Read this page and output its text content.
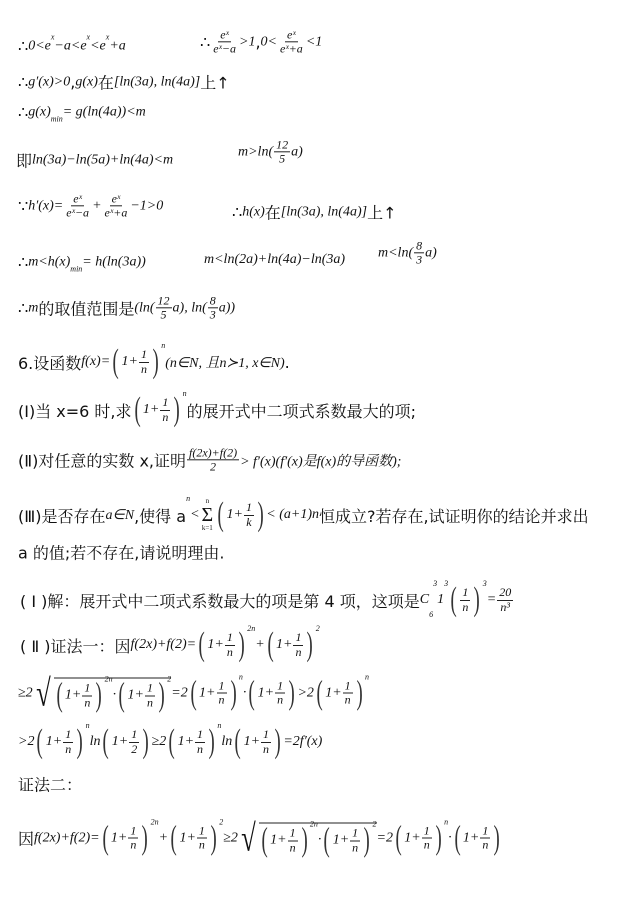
∴ 0<e
x
−a<e
x
<e
x
+a	∴ $\frac{\text{eˣ}}{\text{eˣ−a}} >1$ , $0< \frac{\text{eˣ}}{\text{eˣ+a}} <1$
∴ g′(x)>0 , g(x) 在 [ln(3a), ln(4a)] 上↑
∴ g(x) min = g(ln(4a))<m
即 ln(3a)−ln(5a)+ln(4a)<m
$m>\ln( \frac{12}{5} a)$
∵ $h'(x)= \frac{\text{eˣ}}{\text{eˣ−a}} + \frac{\text{eˣ}}{\text{eˣ+a}} -1>0$	∴ h(x) 在 [ln(3a), ln(4a)] 上↑
∴ m<h(x) min = h(ln(3a))	m<ln(2a)+ln(4a)−ln(3a) $m<\ln( \frac{8}{3} a)$
∴ m 的取值范围是 ($\ln( \frac{12}{5} a)$, $\ln( \frac{8}{3} a)$)
6.设函数 f(x)= ( $1+ \frac{1}{n}$ ) n
(n∈N, 且n≻1, x∈N) .
(Ⅰ)当 x=6 时,求 ( $1+ \frac{1}{n}$ ) n
的展开式中二项式系数最大的项;
(Ⅱ)对任意的实数 x,证明 $\frac{f(2x)+f(2)}{2} > f'(x)(f'(x)$是f(x)的导函数);
(Ⅲ)是否存在 a∈N ,使得 a
n
<
n
Σ
k=1 ( $1+ \frac{1}{k}$ ) < (a+1)n 恒成立?若存在,试证明你的结论并求出
a 的值;若不存在,请说明理由.
( Ⅰ )解：展开式中二项式系数最大的项是第 4 项，这项是 C
6
3
1
3 ( $\frac{1}{n}$ ) 3
= $\frac{20}{\text{n³}}$
( Ⅱ )证法一：因 f(2x)+f(2)= ( $1+ \frac{1}{n}$ ) 2n
+ ( $1+ \frac{1}{n}$ ) 2
≥2 √ ( $1+ \frac{1}{n}$ ) 2n
· ( $1+ \frac{1}{n}$ ) 2
=2 ( $1+ \frac{1}{n}$ ) n
· ( $1+ \frac{1}{n}$ ) >2 ( $1+ \frac{1}{n}$ ) n
>2 ( $1+ \frac{1}{n}$ ) n
ln ( $1+ \frac{1}{2}$ ) ≥2 ( $1+ \frac{1}{n}$ ) n
ln ( $1+ \frac{1}{n}$ ) =2f′(x)
证法二：
因 f(2x)+f(2)= ( $1+ \frac{1}{n}$ ) 2n
+ ( $1+ \frac{1}{n}$ ) 2
≥2 √ ( $1+ \frac{1}{n}$ ) 2n
· ( $1+ \frac{1}{n}$ ) 2
=2 ( $1+ \frac{1}{n}$ ) n
· ( $1+ \frac{1}{n}$ )
